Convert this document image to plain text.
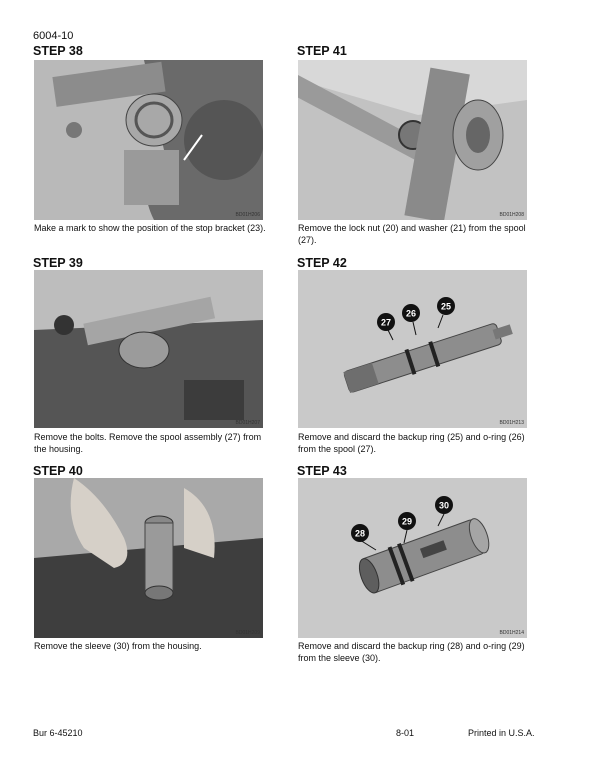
6004-10
STEP 38
BD01H206
Make a mark to show the position of the stop bracket (23).
STEP 41
BD01H208
Remove the lock nut (20) and washer (21) from the spool (27).
STEP 39
BD01H207
Remove the bolts. Remove the spool assembly (27) from the housing.
STEP 42
27
26
25
BD01H213
Remove and discard the backup ring (25) and o-ring (26) from the spool (27).
STEP 40
BD01H209
Remove the sleeve (30) from the housing.
STEP 43
28
29
30
BD01H214
Remove and discard the backup ring (28) and o-ring (29) from the sleeve (30).
Bur 6-45210	8-01	Printed in U.S.A.
